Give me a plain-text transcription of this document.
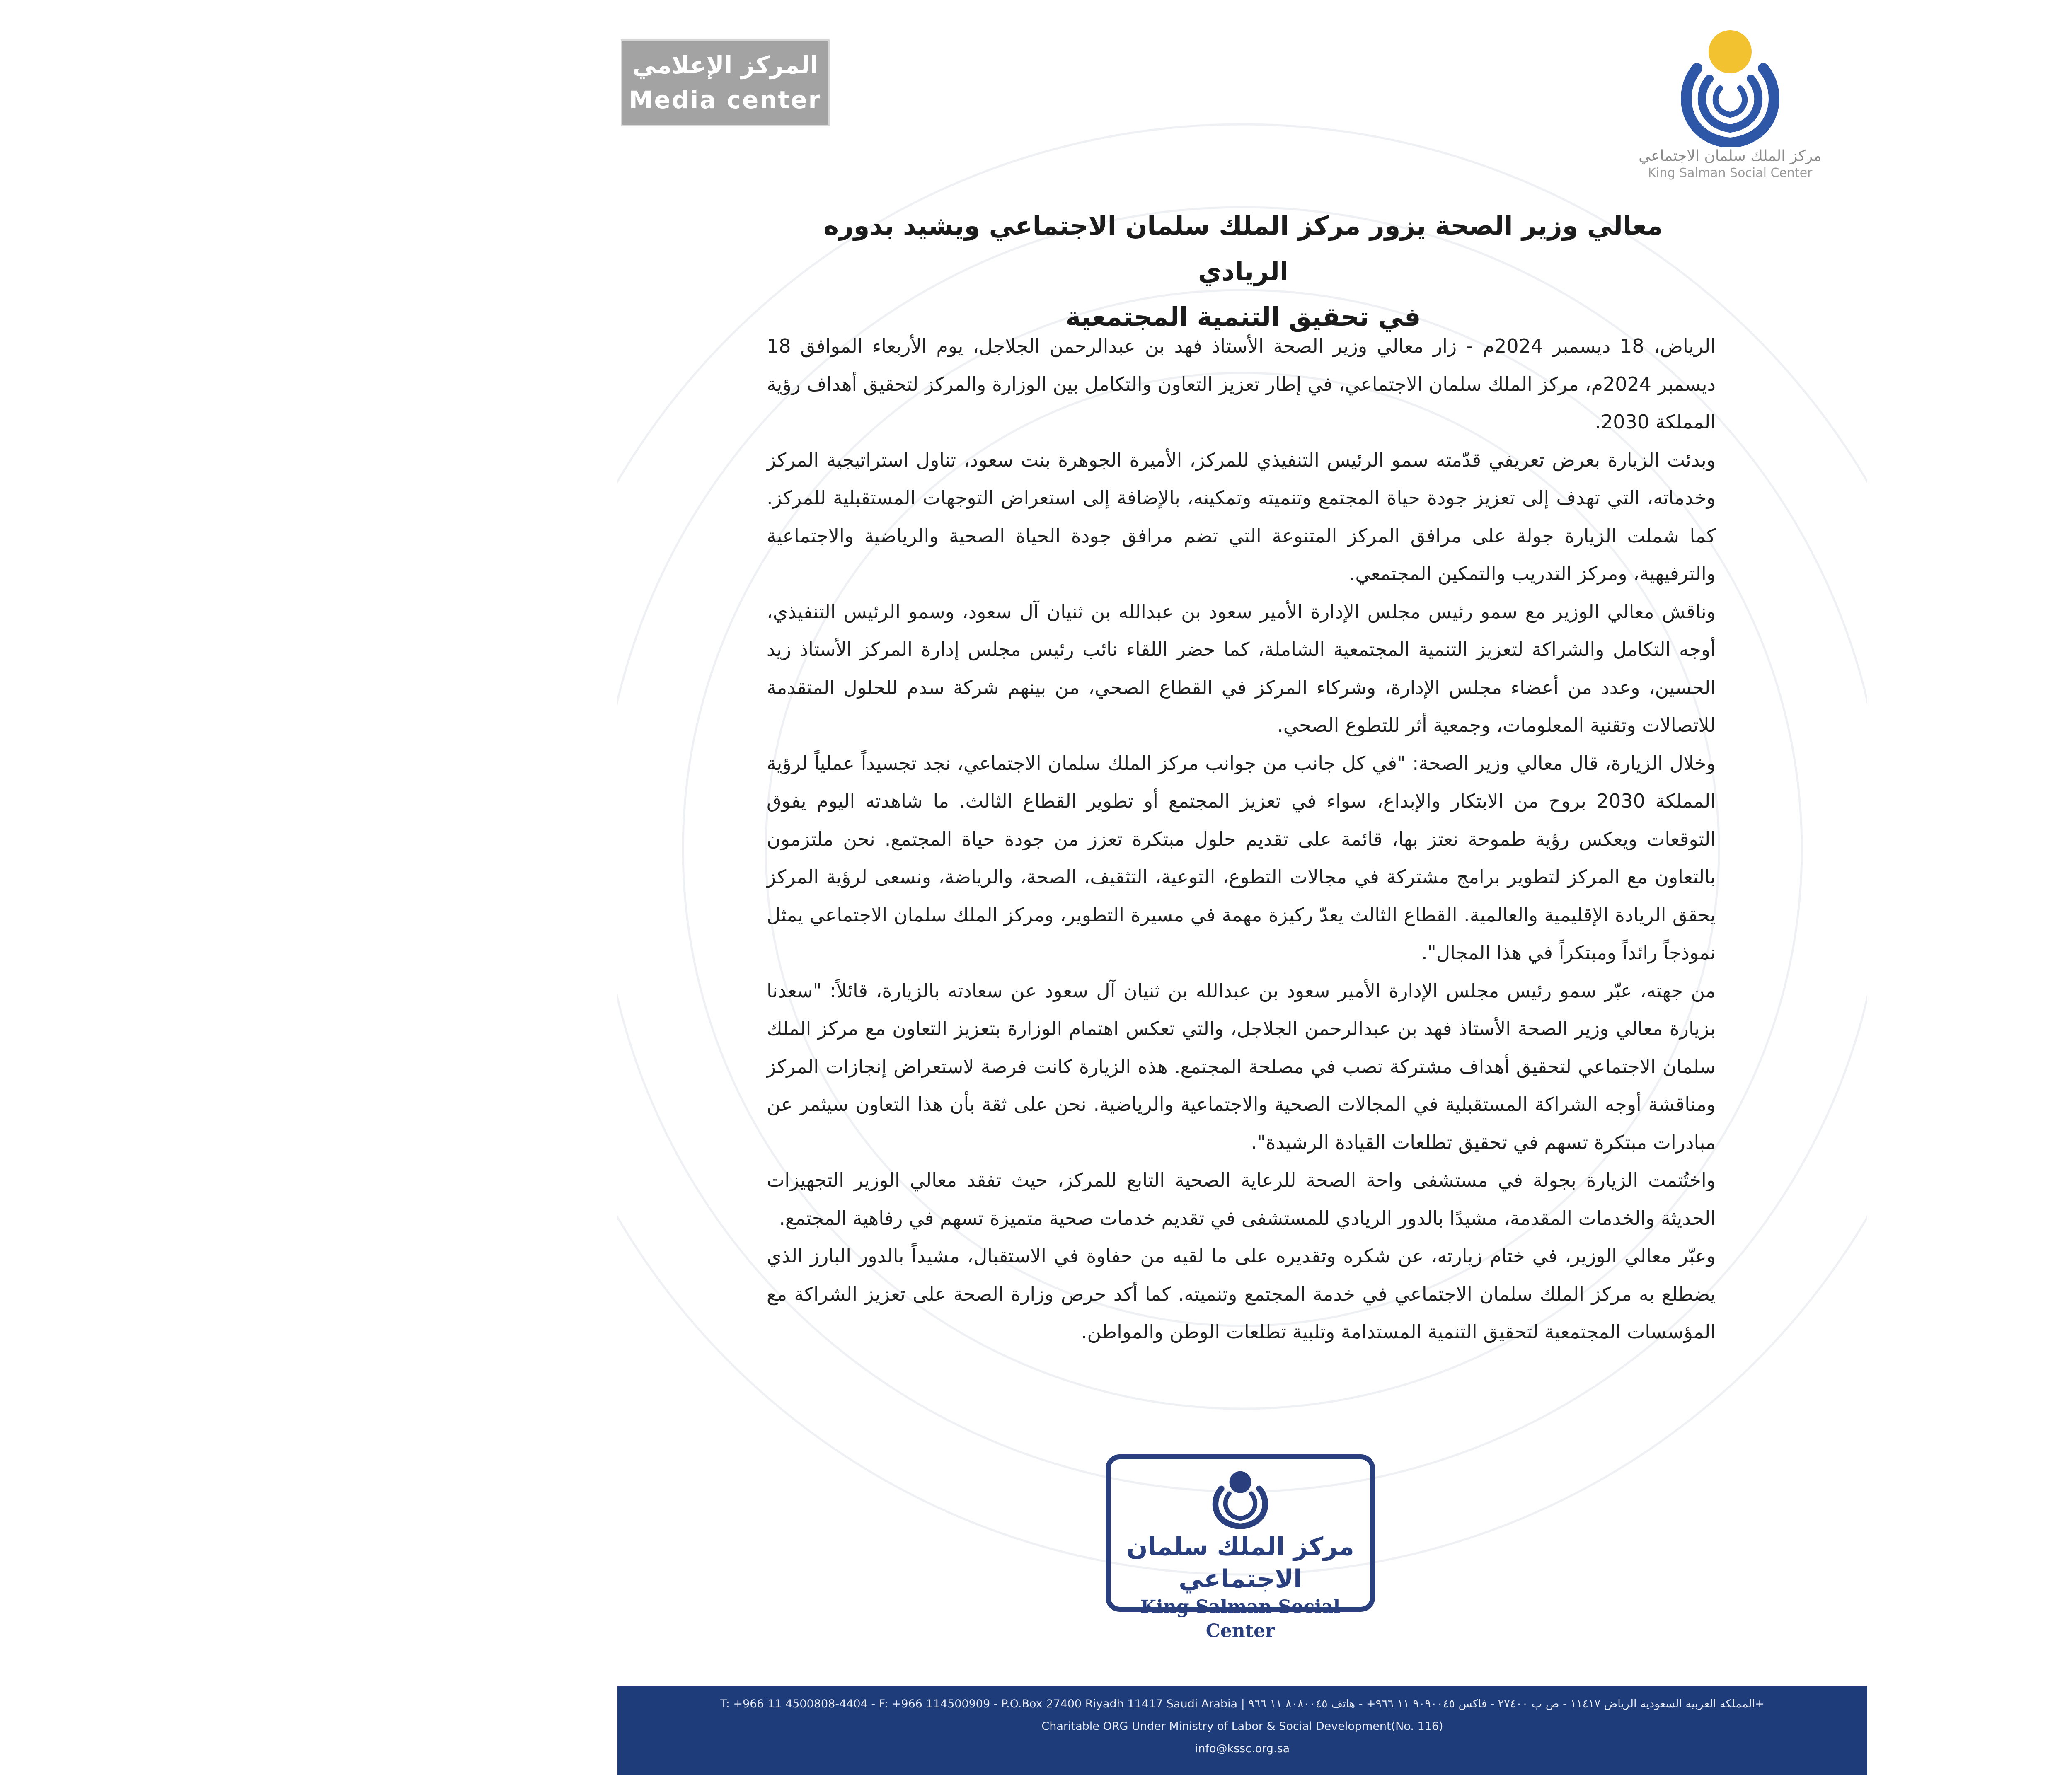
المركز الإعلامي
Media center
مركز الملك سلمان الاجتماعي
King Salman Social Center
معالي وزير الصحة يزور مركز الملك سلمان الاجتماعي ويشيد بدوره الريادي
في تحقيق التنمية المجتمعية

الرياض، 18 ديسمبر 2024م - زار معالي وزير الصحة الأستاذ فهد بن عبدالرحمن الجلاجل، يوم الأربعاء الموافق 18 ديسمبر 2024م، مركز الملك سلمان الاجتماعي، في إطار تعزيز التعاون والتكامل بين الوزارة والمركز لتحقيق أهداف رؤية المملكة 2030.

وبدئت الزيارة بعرض تعريفي قدّمته سمو الرئيس التنفيذي للمركز، الأميرة الجوهرة بنت سعود، تناول استراتيجية المركز وخدماته، التي تهدف إلى تعزيز جودة حياة المجتمع وتنميته وتمكينه، بالإضافة إلى استعراض التوجهات المستقبلية للمركز. كما شملت الزيارة جولة على مرافق المركز المتنوعة التي تضم مرافق جودة الحياة الصحية والرياضية والاجتماعية والترفيهية، ومركز التدريب والتمكين المجتمعي.

وناقش معالي الوزير مع سمو رئيس مجلس الإدارة الأمير سعود بن عبدالله بن ثنيان آل سعود، وسمو الرئيس التنفيذي، أوجه التكامل والشراكة لتعزيز التنمية المجتمعية الشاملة، كما حضر اللقاء نائب رئيس مجلس إدارة المركز الأستاذ زيد الحسين، وعدد من أعضاء مجلس الإدارة، وشركاء المركز في القطاع الصحي، من بينهم شركة سدم للحلول المتقدمة للاتصالات وتقنية المعلومات، وجمعية أثر للتطوع الصحي.

وخلال الزيارة، قال معالي وزير الصحة: "في كل جانب من جوانب مركز الملك سلمان الاجتماعي، نجد تجسيداً عملياً لرؤية المملكة 2030 بروح من الابتكار والإبداع، سواء في تعزيز المجتمع أو تطوير القطاع الثالث. ما شاهدته اليوم يفوق التوقعات ويعكس رؤية طموحة نعتز بها، قائمة على تقديم حلول مبتكرة تعزز من جودة حياة المجتمع. نحن ملتزمون بالتعاون مع المركز لتطوير برامج مشتركة في مجالات التطوع، التوعية، التثقيف، الصحة، والرياضة، ونسعى لرؤية المركز يحقق الريادة الإقليمية والعالمية. القطاع الثالث يعدّ ركيزة مهمة في مسيرة التطوير، ومركز الملك سلمان الاجتماعي يمثل نموذجاً رائداً ومبتكراً في هذا المجال".

من جهته، عبّر سمو رئيس مجلس الإدارة الأمير سعود بن عبدالله بن ثنيان آل سعود عن سعادته بالزيارة، قائلاً: "سعدنا بزيارة معالي وزير الصحة الأستاذ فهد بن عبدالرحمن الجلاجل، والتي تعكس اهتمام الوزارة بتعزيز التعاون مع مركز الملك سلمان الاجتماعي لتحقيق أهداف مشتركة تصب في مصلحة المجتمع. هذه الزيارة كانت فرصة لاستعراض إنجازات المركز ومناقشة أوجه الشراكة المستقبلية في المجالات الصحية والاجتماعية والرياضية. نحن على ثقة بأن هذا التعاون سيثمر عن مبادرات مبتكرة تسهم في تحقيق تطلعات القيادة الرشيدة".

واختُتمت الزيارة بجولة في مستشفى واحة الصحة للرعاية الصحية التابع للمركز، حيث تفقد معالي الوزير التجهيزات الحديثة والخدمات المقدمة، مشيدًا بالدور الريادي للمستشفى في تقديم خدمات صحية متميزة تسهم في رفاهية المجتمع.

وعبّر معالي الوزير، في ختام زيارته، عن شكره وتقديره على ما لقيه من حفاوة في الاستقبال، مشيداً بالدور البارز الذي يضطلع به مركز الملك سلمان الاجتماعي في خدمة المجتمع وتنميته. كما أكد حرص وزارة الصحة على تعزيز الشراكة مع المؤسسات المجتمعية لتحقيق التنمية المستدامة وتلبية تطلعات الوطن والمواطن.

مركز الملك سلمان الاجتماعي
King Salman Social Center
T: +966 11 4500808-4404 - F: +966 114500909 - P.O.Box 27400 Riyadh 11417 Saudi Arabia | المملكة العربية السعودية الرياض ١١٤١٧ - ص ب ٢٧٤٠٠ - فاكس ٩٠٩٠٠٤٥ ١١ ٩٦٦+ - هاتف ٨٠٨٠٠٤٥ ١١ ٩٦٦+
Charitable ORG Under Ministry of Labor & Social Development(No. 116)
info@kssc.org.sa
